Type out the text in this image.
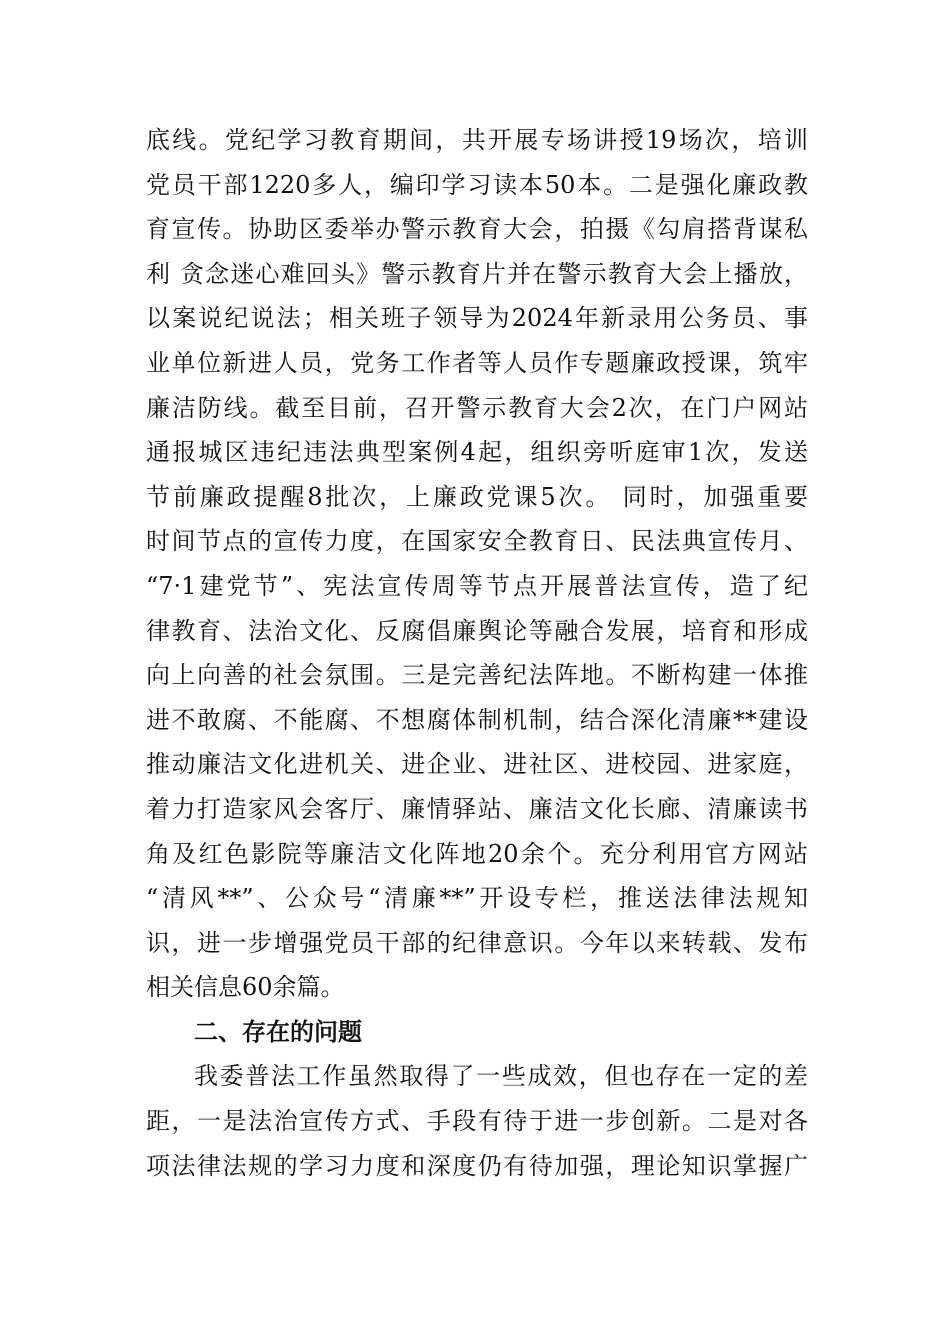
底线。党纪学习教育期间，共开展专场讲授19场次，培训
党员干部1220多人，编印学习读本50本。二是强化廉政教
育宣传。协助区委举办警示教育大会，拍摄《勾肩搭背谋私
利 贪念迷心难回头》警示教育片并在警示教育大会上播放，
以案说纪说法；相关班子领导为2024年新录用公务员、事
业单位新进人员，党务工作者等人员作专题廉政授课，筑牢
廉洁防线。截至目前，召开警示教育大会2次，在门户网站
通报城区违纪违法典型案例4起，组织旁听庭审1次，发送
节前廉政提醒8批次，上廉政党课5次。 同时，加强重要
时间节点的宣传力度，在国家安全教育日、民法典宣传月、
“7·1建党节”、宪法宣传周等节点开展普法宣传，造了纪
律教育、法治文化、反腐倡廉舆论等融合发展，培育和形成
向上向善的社会氛围。三是完善纪法阵地。不断构建一体推
进不敢腐、不能腐、不想腐体制机制，结合深化清廉**建设
推动廉洁文化进机关、进企业、进社区、进校园、进家庭，
着力打造家风会客厅、廉情驿站、廉洁文化长廊、清廉读书
角及红色影院等廉洁文化阵地20余个。充分利用官方网站
“清风**”、公众号“清廉**”开设专栏，推送法律法规知
识，进一步增强党员干部的纪律意识。今年以来转载、发布
相关信息60余篇。
二、存在的问题
我委普法工作虽然取得了一些成效，但也存在一定的差
距，一是法治宣传方式、手段有待于进一步创新。二是对各
项法律法规的学习力度和深度仍有待加强，理论知识掌握广
